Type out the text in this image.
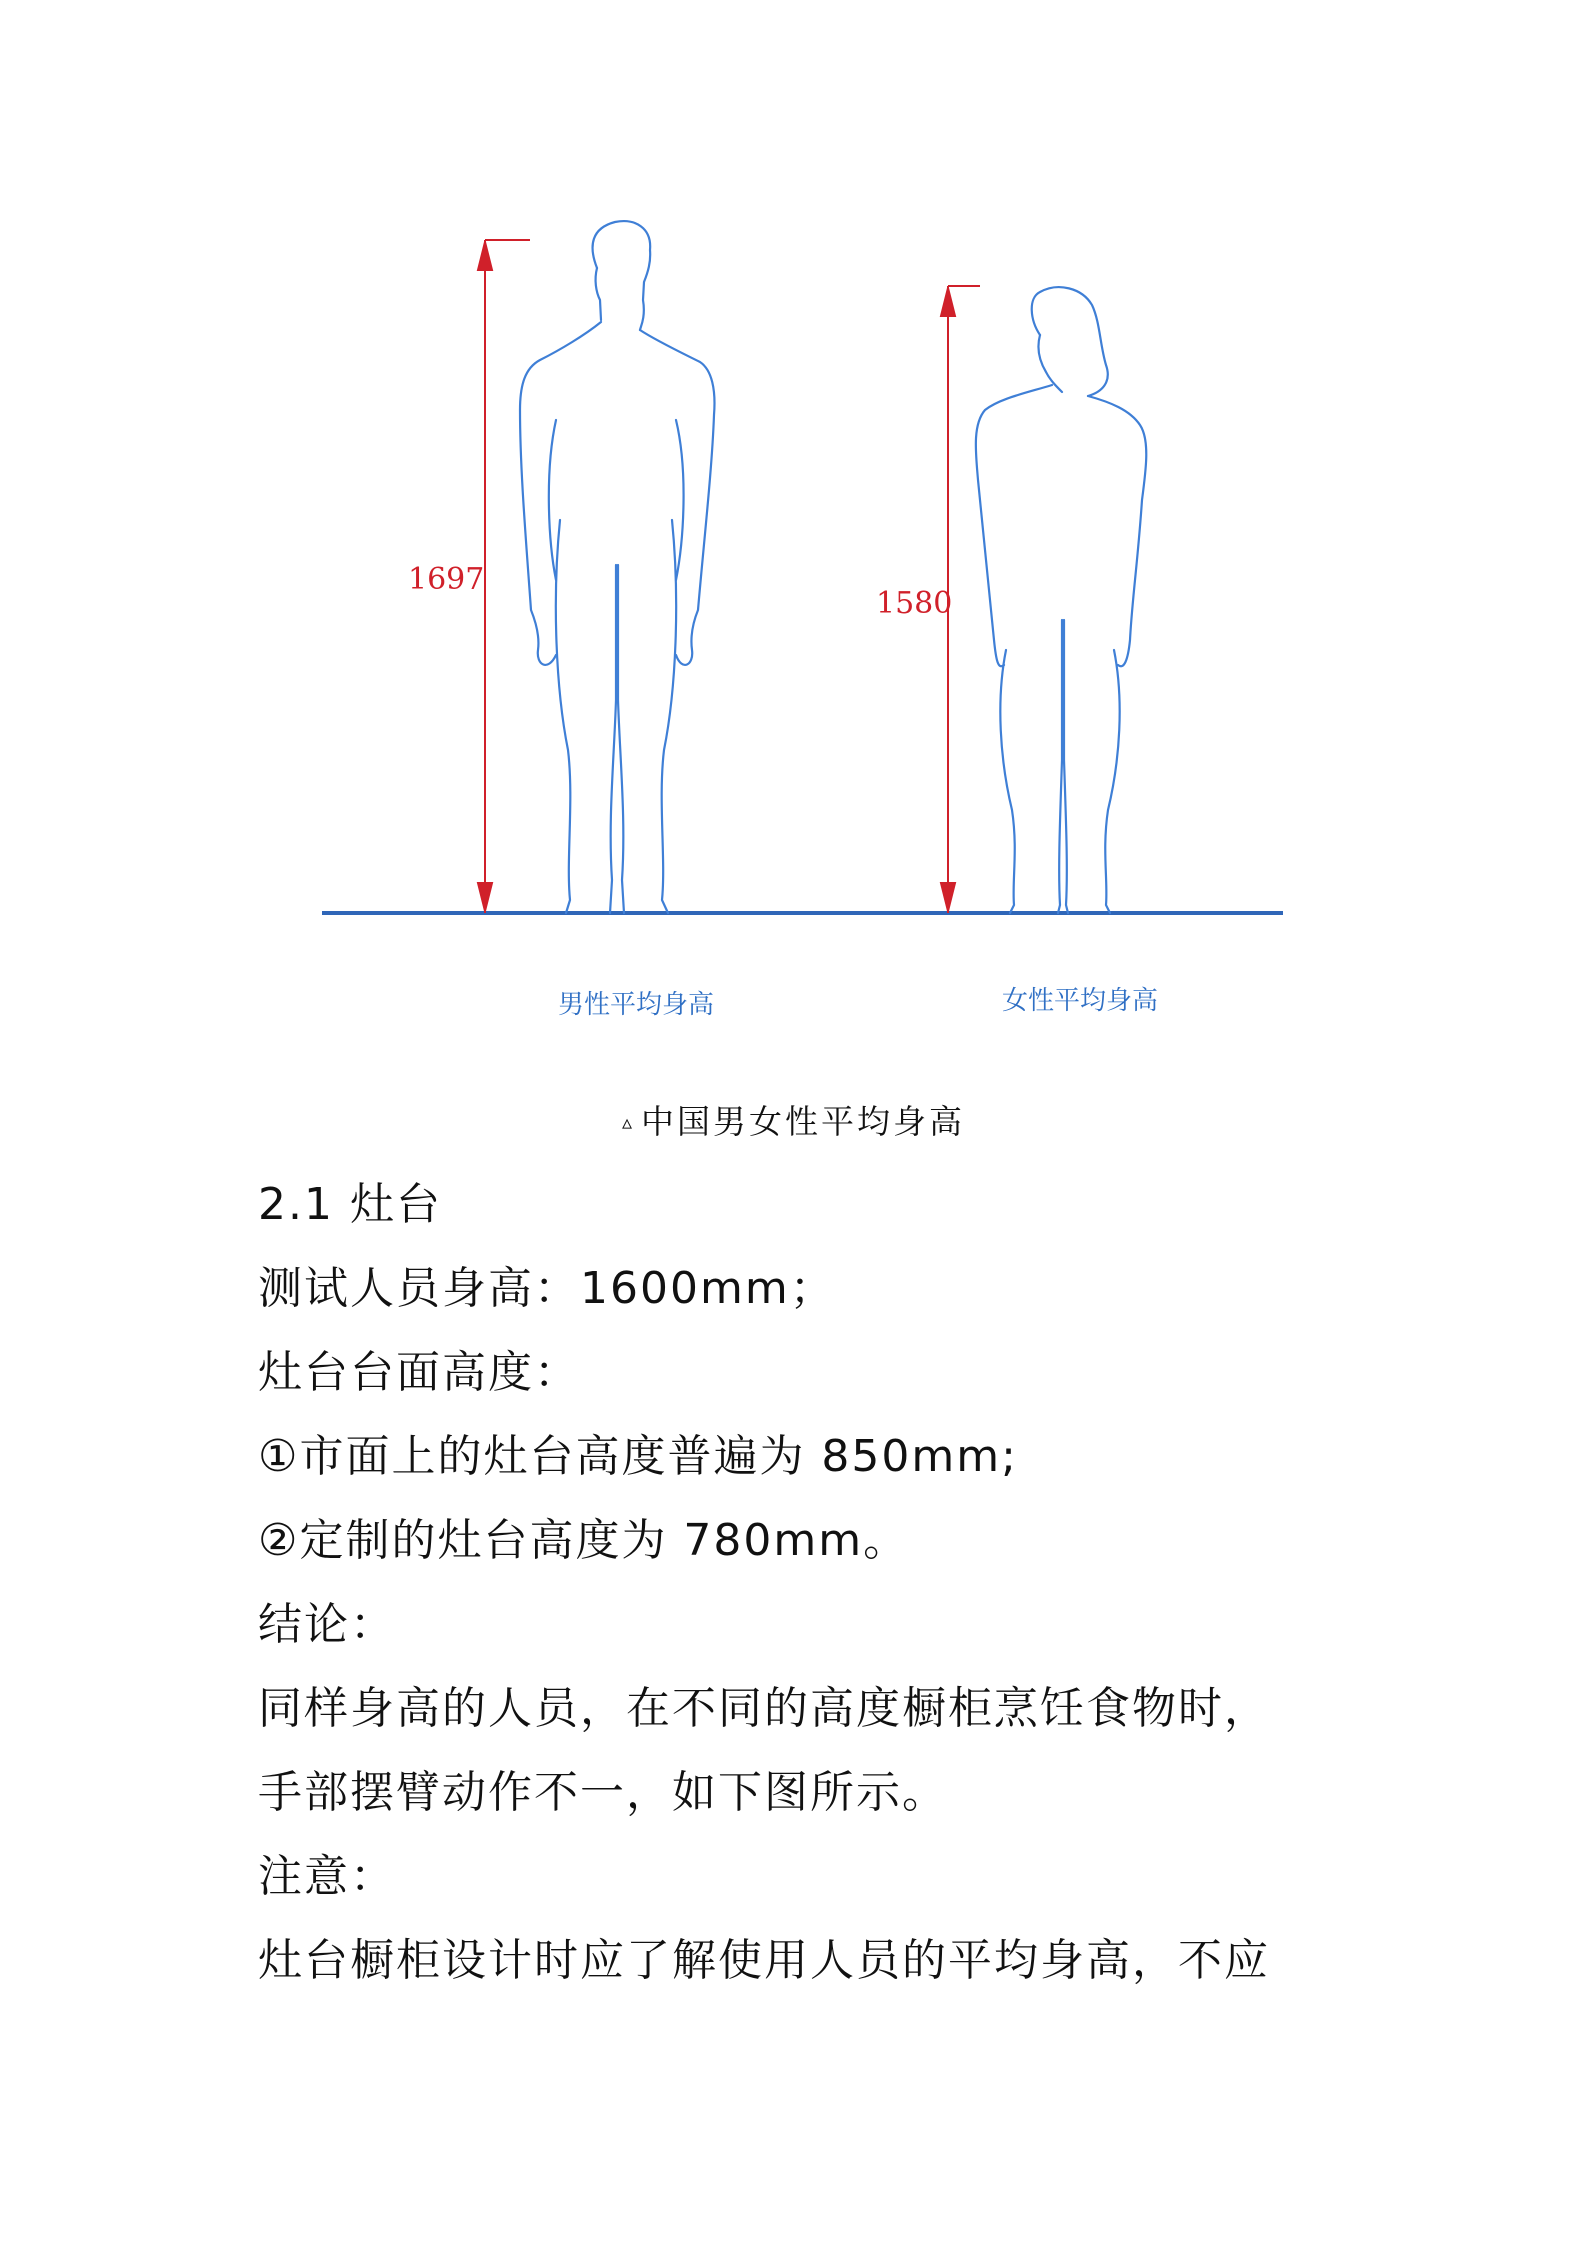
1697
1580
男性平均身高	女性平均身高
▵ 中国男女性平均身高
2.1 灶台
测试人员身高：1600mm；
灶台台面高度：
①市面上的灶台高度普遍为 850mm;
②定制的灶台高度为 780mm。
结论：
同样身高的人员，在不同的高度橱柜烹饪食物时，
手部摆臂动作不一，如下图所示。
注意：
灶台橱柜设计时应了解使用人员的平均身高，不应
